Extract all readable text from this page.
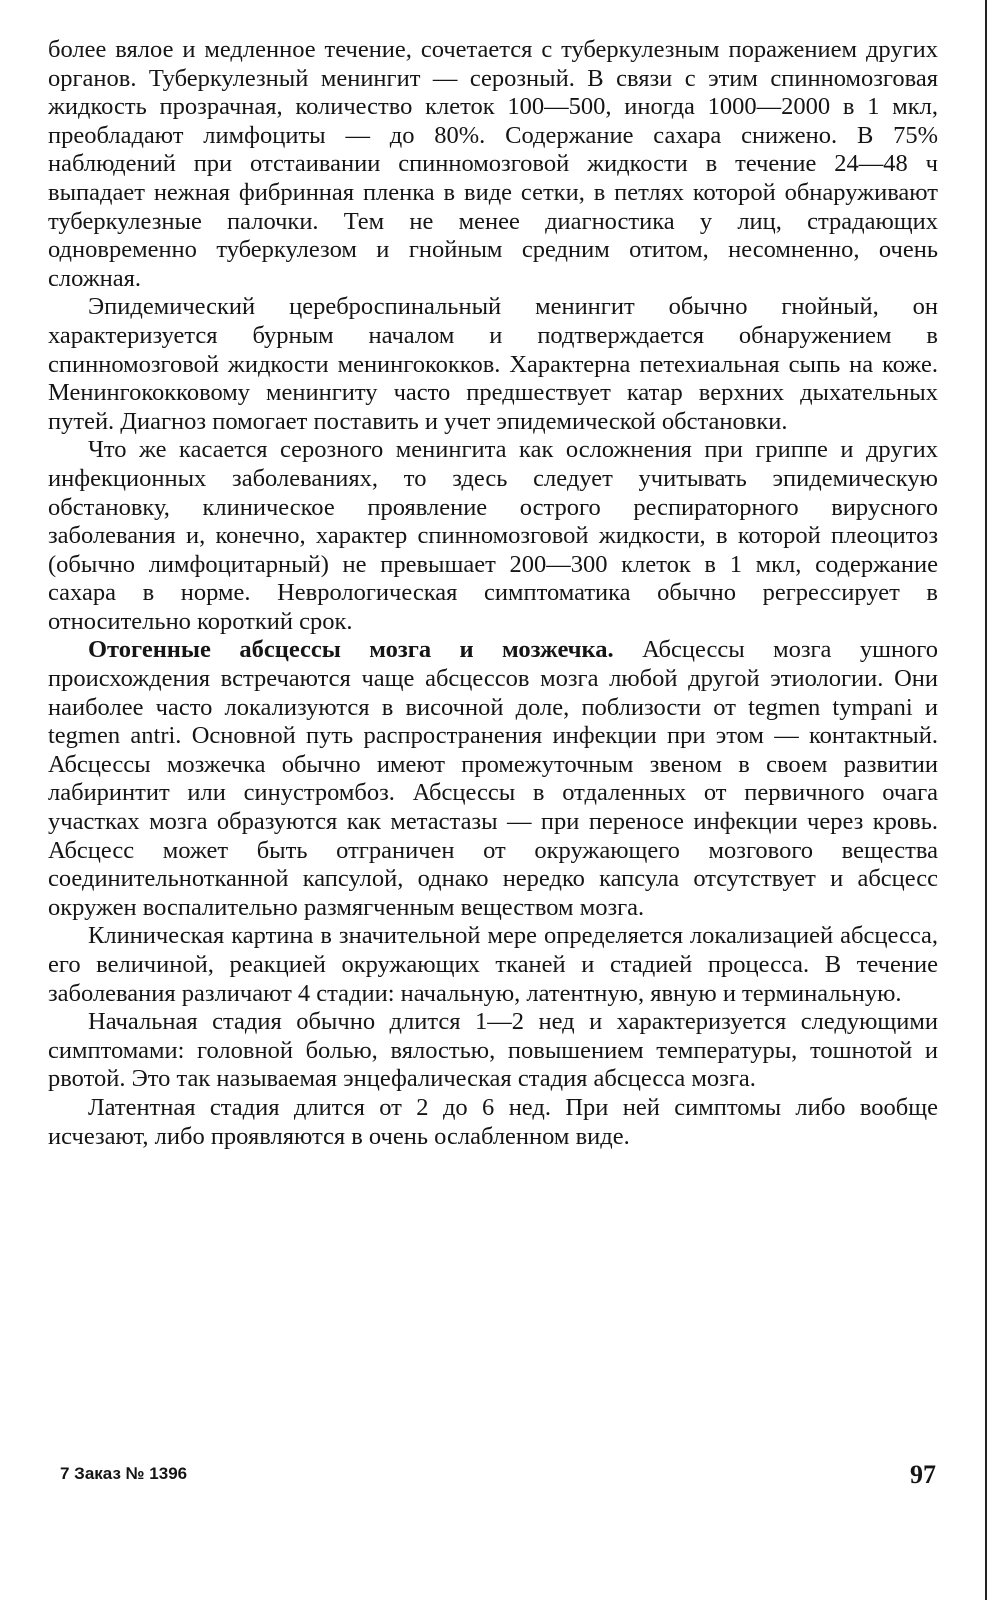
более вялое и медленное течение, сочетается с туберкулезным поражением других органов. Туберкулезный менингит — серозный. В связи с этим спинномозговая жидкость прозрачная, количество клеток 100—500, иногда 1000—2000 в 1 мкл, преобладают лимфоциты — до 80%. Содержание сахара снижено. В 75% наблюдений при отстаивании спинномозговой жидкости в течение 24—48 ч выпадает нежная фибринная пленка в виде сетки, в петлях которой обнаруживают туберкулезные палочки. Тем не менее диагностика у лиц, страдающих одновременно туберкулезом и гнойным средним отитом, несомненно, очень сложная.

Эпидемический цереброспинальный менингит обычно гнойный, он характеризуется бурным началом и подтверждается обнаружением в спинномозговой жидкости менингококков. Характерна петехиальная сыпь на коже. Менингококковому менингиту часто предшествует катар верхних дыхательных путей. Диагноз помогает поставить и учет эпидемической обстановки.

Что же касается серозного менингита как осложнения при гриппе и других инфекционных заболеваниях, то здесь следует учитывать эпидемическую обстановку, клиническое проявление острого респираторного вирусного заболевания и, конечно, характер спинномозговой жидкости, в которой плеоцитоз (обычно лимфоцитарный) не превышает 200—300 клеток в 1 мкл, содержание сахара в норме. Неврологическая симптоматика обычно регрессирует в относительно короткий срок.

Отогенные абсцессы мозга и мозжечка. Абсцессы мозга ушного происхождения встречаются чаще абсцессов мозга любой другой этиологии. Они наиболее часто локализуются в височной доле, поблизости от tegmen tympani и tegmen antri. Основной путь распространения инфекции при этом — контактный. Абсцессы мозжечка обычно имеют промежуточным звеном в своем развитии лабиринтит или синустромбоз. Абсцессы в отдаленных от первичного очага участках мозга образуются как метастазы — при переносе инфекции через кровь. Абсцесс может быть отграничен от окружающего мозгового вещества соединительнотканной капсулой, однако нередко капсула отсутствует и абсцесс окружен воспалительно размягченным веществом мозга.

Клиническая картина в значительной мере определяется локализацией абсцесса, его величиной, реакцией окружающих тканей и стадией процесса. В течение заболевания различают 4 стадии: начальную, латентную, явную и терминальную.

Начальная стадия обычно длится 1—2 нед и характеризуется следующими симптомами: головной болью, вялостью, повышением температуры, тошнотой и рвотой. Это так называемая энцефалическая стадия абсцесса мозга.

Латентная стадия длится от 2 до 6 нед. При ней симптомы либо вообще исчезают, либо проявляются в очень ослабленном виде.

7 Заказ № 1396	97
